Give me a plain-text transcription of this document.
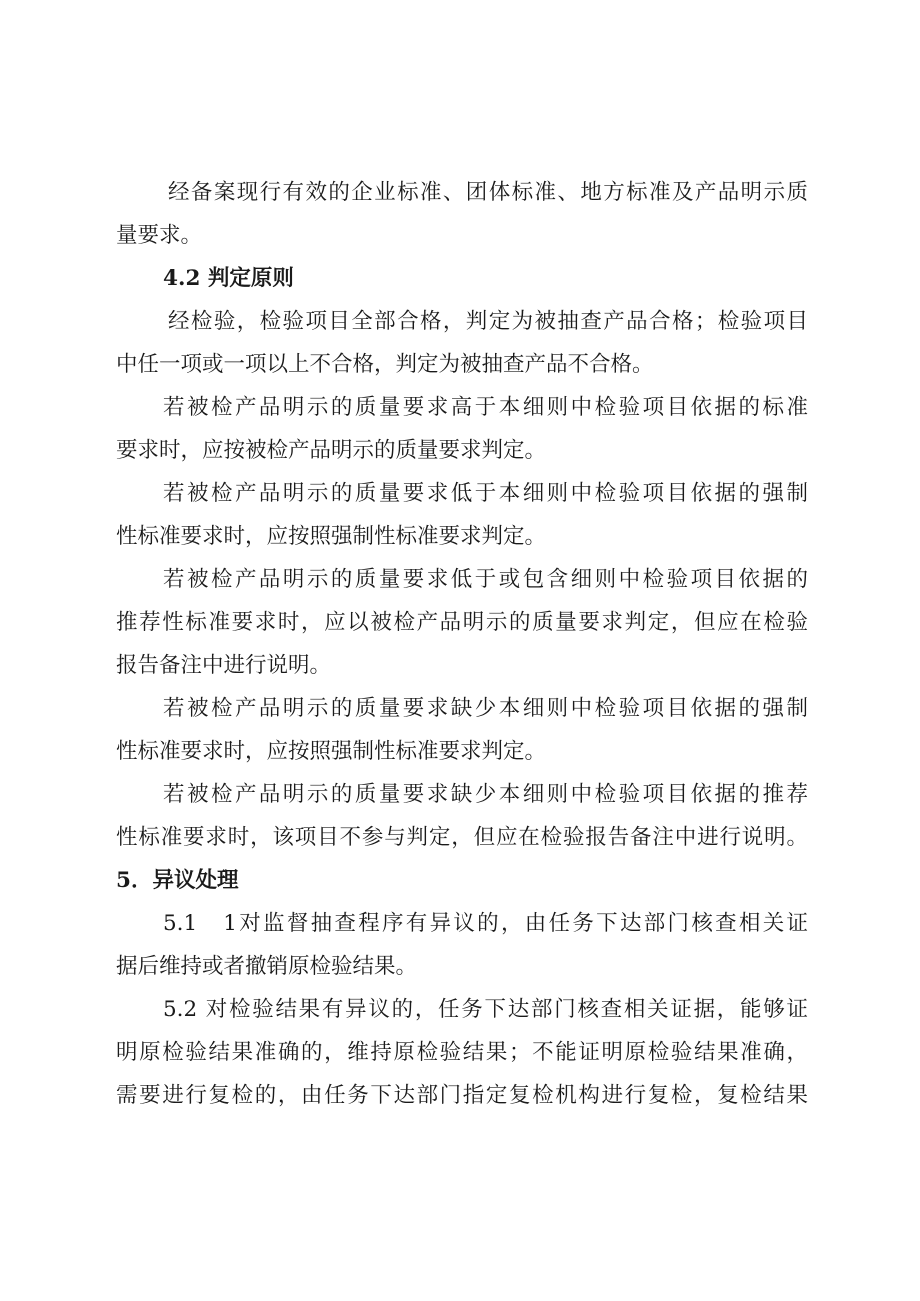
经备案现行有效的企业标准、团体标准、地方标准及产品明示质
量要求。
4.2 判定原则
经检验，检验项目全部合格，判定为被抽查产品合格；检验项目
中任一项或一项以上不合格，判定为被抽查产品不合格。
若被检产品明示的质量要求高于本细则中检验项目依据的标准
要求时，应按被检产品明示的质量要求判定。
若被检产品明示的质量要求低于本细则中检验项目依据的强制
性标准要求时，应按照强制性标准要求判定。
若被检产品明示的质量要求低于或包含细则中检验项目依据的
推荐性标准要求时，应以被检产品明示的质量要求判定，但应在检验
报告备注中进行说明。
若被检产品明示的质量要求缺少本细则中检验项目依据的强制
性标准要求时，应按照强制性标准要求判定。
若被检产品明示的质量要求缺少本细则中检验项目依据的推荐
性标准要求时，该项目不参与判定，但应在检验报告备注中进行说明。
5．异议处理
5.1　1对监督抽查程序有异议的，由任务下达部门核查相关证
据后维持或者撤销原检验结果。
5.2 对检验结果有异议的，任务下达部门核查相关证据，能够证
明原检验结果准确的，维持原检验结果；不能证明原检验结果准确，
需要进行复检的，由任务下达部门指定复检机构进行复检，复检结果
